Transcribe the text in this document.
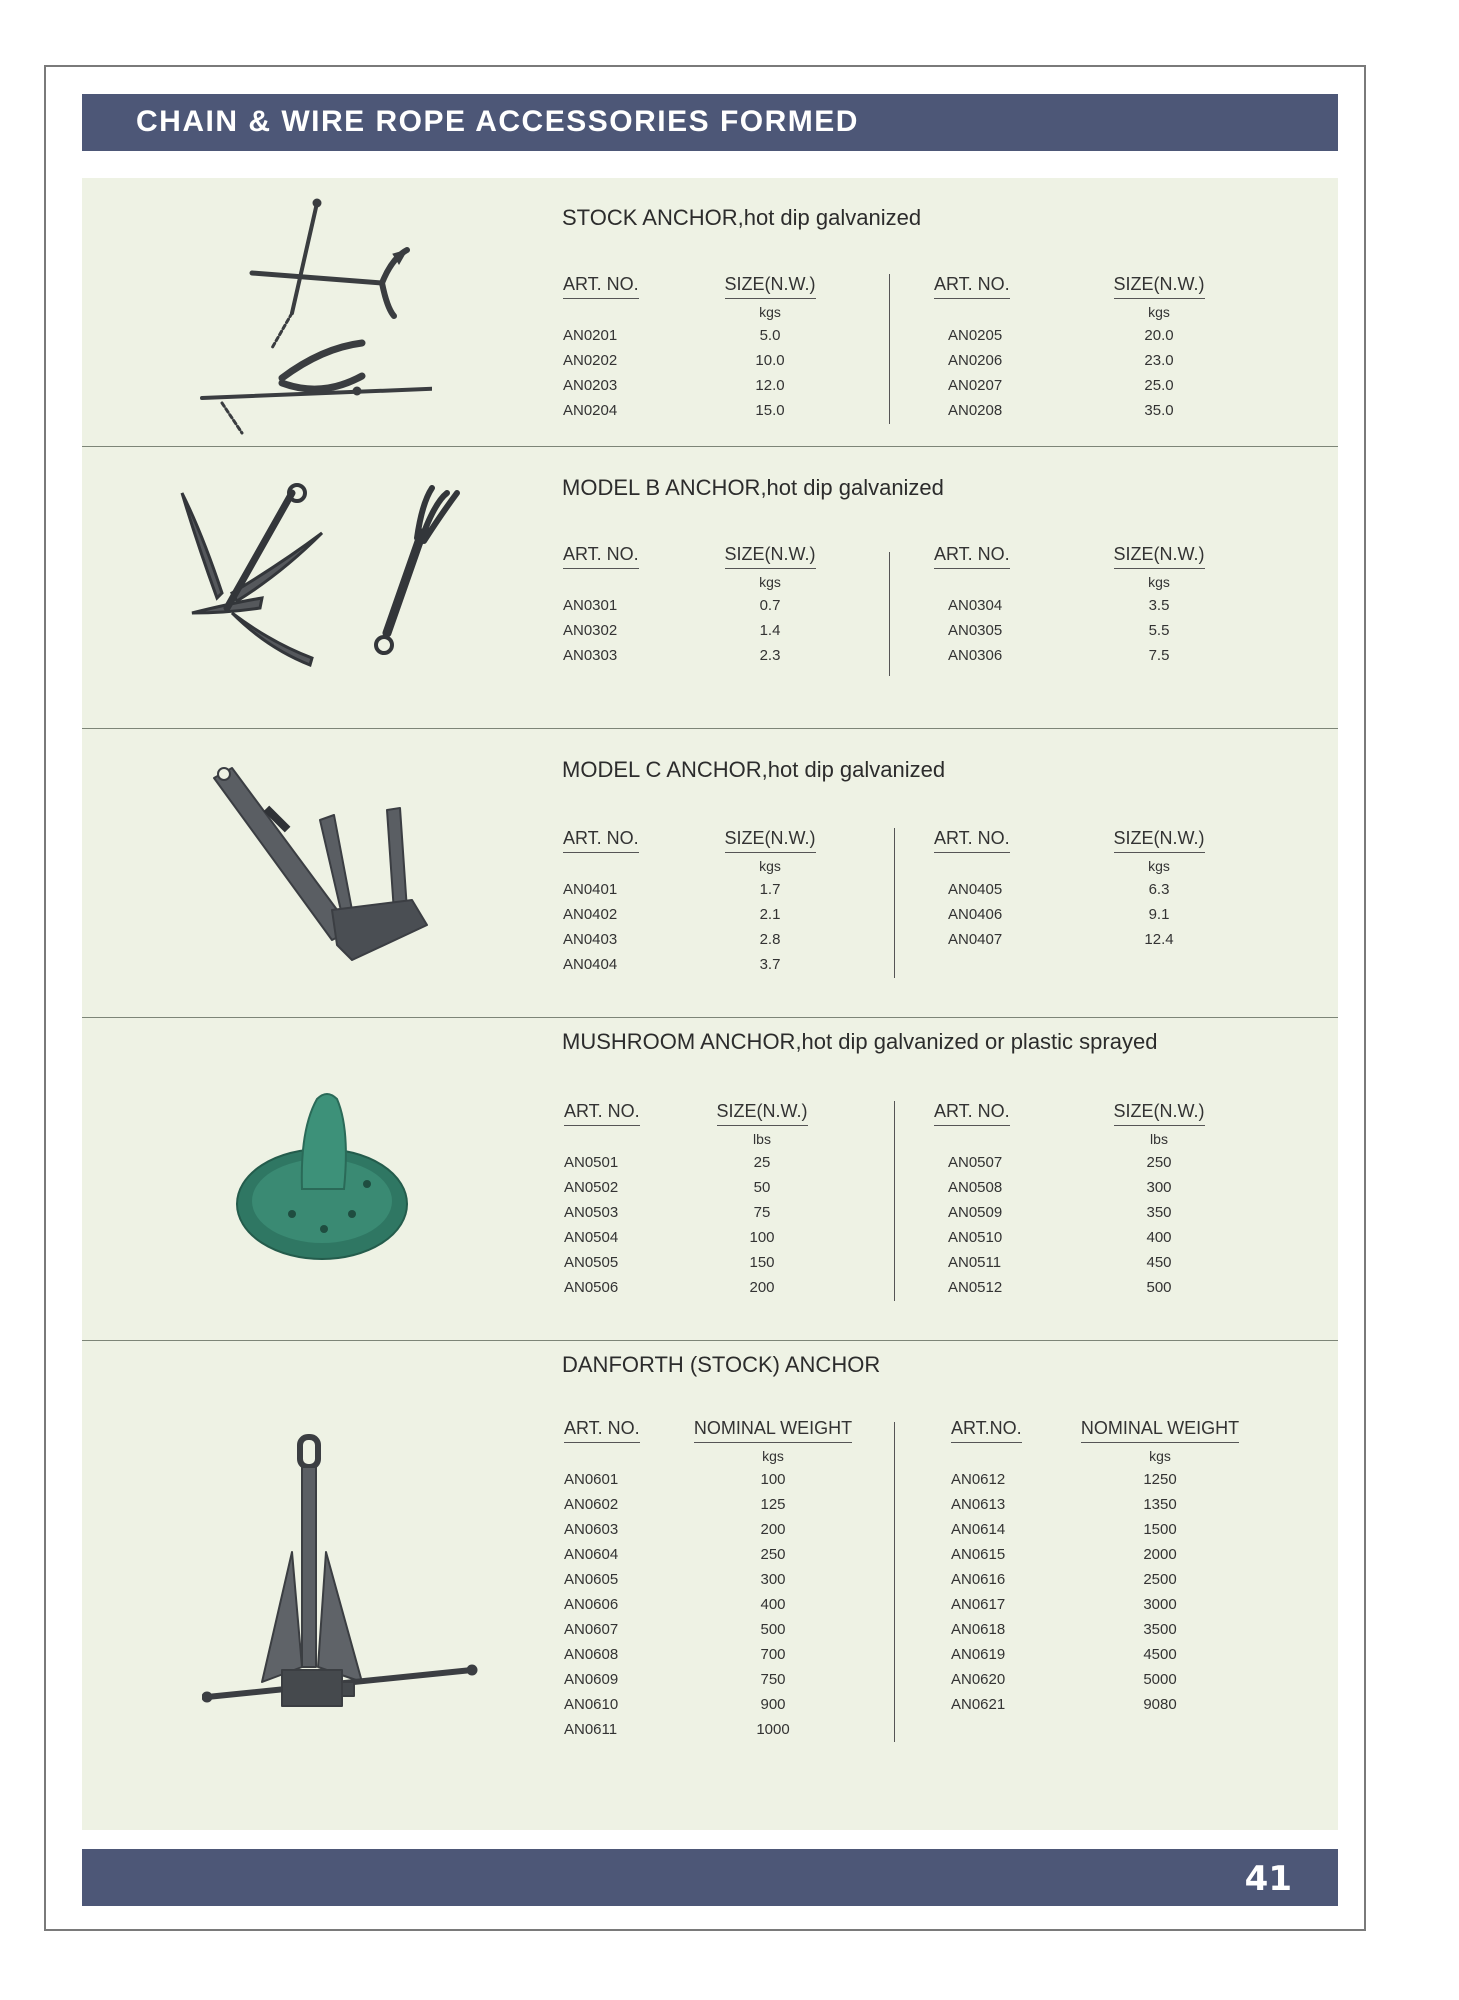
CHAIN & WIRE ROPE ACCESSORIES FORMED
STOCK ANCHOR,hot dip galvanized
ART. NO.

AN0201
AN0202
AN0203
AN0204
SIZE(N.W.)
kgs
5.0
10.0
12.0
15.0
ART. NO.

AN0205
AN0206
AN0207
AN0208
SIZE(N.W.)
kgs
20.0
23.0
25.0
35.0
MODEL B ANCHOR,hot dip galvanized
ART. NO.

AN0301
AN0302
AN0303
SIZE(N.W.)
kgs
0.7
1.4
2.3
ART. NO.

AN0304
AN0305
AN0306
SIZE(N.W.)
kgs
3.5
5.5
7.5
MODEL C ANCHOR,hot dip galvanized
ART. NO.

AN0401
AN0402
AN0403
AN0404
SIZE(N.W.)
kgs
1.7
2.1
2.8
3.7
ART. NO.

AN0405
AN0406
AN0407
SIZE(N.W.)
kgs
6.3
9.1
12.4
MUSHROOM ANCHOR,hot dip galvanized or plastic sprayed
ART. NO.

AN0501
AN0502
AN0503
AN0504
AN0505
AN0506
SIZE(N.W.)
lbs
25
50
75
100
150
200
ART. NO.

AN0507
AN0508
AN0509
AN0510
AN0511
AN0512
SIZE(N.W.)
lbs
250
300
350
400
450
500
DANFORTH (STOCK) ANCHOR
ART. NO.

AN0601
AN0602
AN0603
AN0604
AN0605
AN0606
AN0607
AN0608
AN0609
AN0610
AN0611
NOMINAL WEIGHT
kgs
100
125
200
250
300
400
500
700
750
900
1000
ART.NO.

AN0612
AN0613
AN0614
AN0615
AN0616
AN0617
AN0618
AN0619
AN0620
AN0621
NOMINAL WEIGHT
kgs
1250
1350
1500
2000
2500
3000
3500
4500
5000
9080
41
